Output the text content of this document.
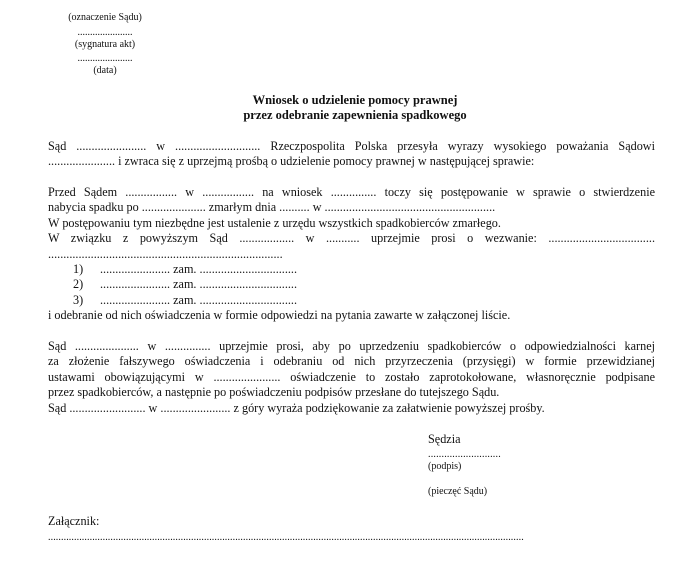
(oznaczenie Sądu)
......................
(sygnatura akt)
......................
(data)
Wniosek o udzielenie pomocy prawnej
przez odebranie zapewnienia spadkowego
Sąd ....................... w ............................ Rzeczpospolita Polska przesyła wyrazy wysokiego poważania Sądowi
...................... i zwraca się z uprzejmą prośbą o udzielenie pomocy prawnej w następującej sprawie:
Przed Sądem ................. w ................. na wniosek ............... toczy się postępowanie w sprawie o stwierdzenie
nabycia spadku po ..................... zmarłym dnia .......... w ........................................................
W postępowaniu tym niezbędne jest ustalenie z urzędu wszystkich spadkobierców zmarłego.
W związku z powyższym Sąd .................. w ........... uprzejmie prosi o wezwanie: ...................................
.............................................................................
1) ....................... zam. ................................
2) ....................... zam. ................................
3) ....................... zam. ................................
i odebranie od nich oświadczenia w formie odpowiedzi na pytania zawarte w załączonej liście.
Sąd ..................... w ............... uprzejmie prosi, aby po uprzedzeniu spadkobierców o odpowiedzialności karnej
za złożenie fałszywego oświadczenia i odebraniu od nich przyrzeczenia (przysięgi) w formie przewidzianej
ustawami obowiązującymi w ...................... oświadczenie to zostało zaprotokołowane, własnoręcznie podpisane
przez spadkobierców, a następnie po poświadczeniu podpisów przesłane do tutejszego Sądu.
Sąd ......................... w ....................... z góry wyraża podziękowanie za załatwienie powyższej prośby.
Sędzia
...........................
(podpis)
(pieczęć Sądu)
Załącznik:
.......................................................................................................................................................................................
